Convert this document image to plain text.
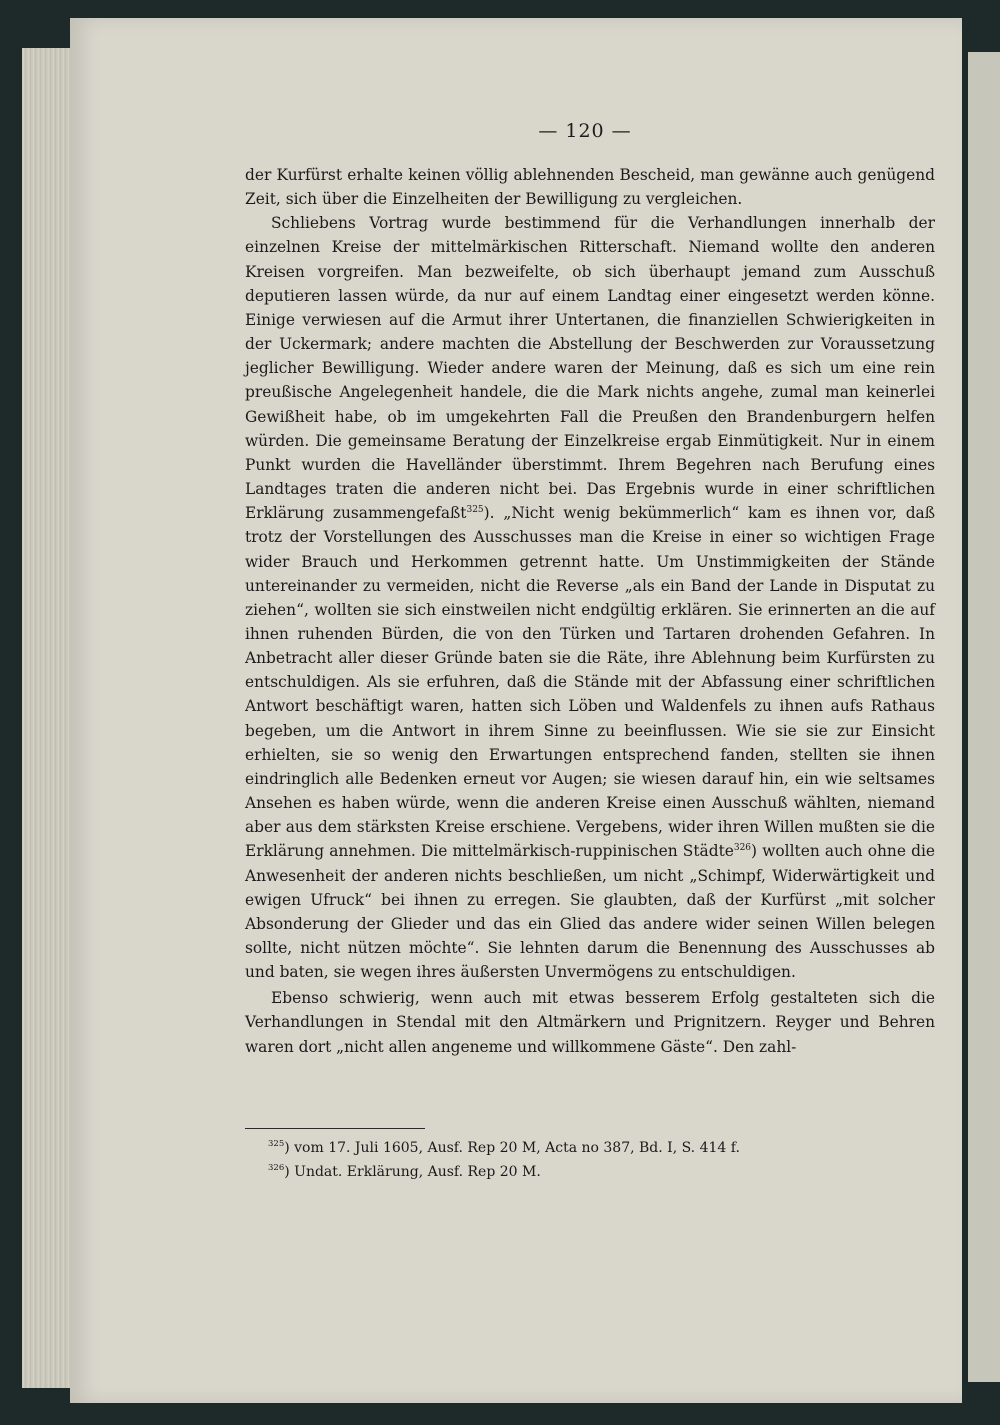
— 120 —

der Kurfürst erhalte keinen völlig ablehnenden Bescheid, man gewänne auch genügend Zeit, sich über die Einzelheiten der Bewilligung zu vergleichen.

Schliebens Vortrag wurde bestimmend für die Verhandlungen innerhalb der einzelnen Kreise der mittelmärkischen Ritterschaft. Niemand wollte den anderen Kreisen vorgreifen. Man bezweifelte, ob sich überhaupt jemand zum Ausschuß deputieren lassen würde, da nur auf einem Landtag einer eingesetzt werden könne. Einige verwiesen auf die Armut ihrer Untertanen, die finanziellen Schwierigkeiten in der Uckermark; andere machten die Abstellung der Beschwerden zur Voraussetzung jeglicher Bewilligung. Wieder andere waren der Meinung, daß es sich um eine rein preußische Angelegenheit handele, die die Mark nichts angehe, zumal man keinerlei Gewißheit habe, ob im umgekehrten Fall die Preußen den Brandenburgern helfen würden. Die gemeinsame Beratung der Einzelkreise ergab Einmütigkeit. Nur in einem Punkt wurden die Havelländer überstimmt. Ihrem Begehren nach Berufung eines Landtages traten die anderen nicht bei. Das Ergebnis wurde in einer schriftlichen Erklärung zusammengefaßt$^{325}$). „Nicht wenig bekümmerlich“ kam es ihnen vor, daß trotz der Vorstellungen des Ausschusses man die Kreise in einer so wichtigen Frage wider Brauch und Herkommen getrennt hatte. Um Unstimmigkeiten der Stände untereinander zu vermeiden, nicht die Reverse „als ein Band der Lande in Disputat zu ziehen“, wollten sie sich einstweilen nicht endgültig erklären. Sie erinnerten an die auf ihnen ruhenden Bürden, die von den Türken und Tartaren drohenden Gefahren. In Anbetracht aller dieser Gründe baten sie die Räte, ihre Ablehnung beim Kurfürsten zu entschuldigen. Als sie erfuhren, daß die Stände mit der Abfassung einer schriftlichen Antwort beschäftigt waren, hatten sich Löben und Waldenfels zu ihnen aufs Rathaus begeben, um die Antwort in ihrem Sinne zu beeinflussen. Wie sie sie zur Einsicht erhielten, sie so wenig den Erwartungen entsprechend fanden, stellten sie ihnen eindringlich alle Bedenken erneut vor Augen; sie wiesen darauf hin, ein wie seltsames Ansehen es haben würde, wenn die anderen Kreise einen Ausschuß wählten, niemand aber aus dem stärksten Kreise erschiene. Vergebens, wider ihren Willen mußten sie die Erklärung annehmen. Die mittelmärkisch-ruppinischen Städte$^{326}$) wollten auch ohne die Anwesenheit der anderen nichts beschließen, um nicht „Schimpf, Widerwärtigkeit und ewigen Ufruck“ bei ihnen zu erregen. Sie glaubten, daß der Kurfürst „mit solcher Absonderung der Glieder und das ein Glied das andere wider seinen Willen belegen sollte, nicht nützen möchte“. Sie lehnten darum die Benennung des Ausschusses ab und baten, sie wegen ihres äußersten Unvermögens zu entschuldigen.

Ebenso schwierig, wenn auch mit etwas besserem Erfolg gestalteten sich die Verhandlungen in Stendal mit den Altmärkern und Prignitzern. Reyger und Behren waren dort „nicht allen angeneme und willkommene Gäste“. Den zahl-

$^{325}$) vom 17. Juli 1605, Ausf. Rep 20 M, Acta no 387, Bd. I, S. 414 f.
$^{326}$) Undat. Erklärung, Ausf. Rep 20 M.
